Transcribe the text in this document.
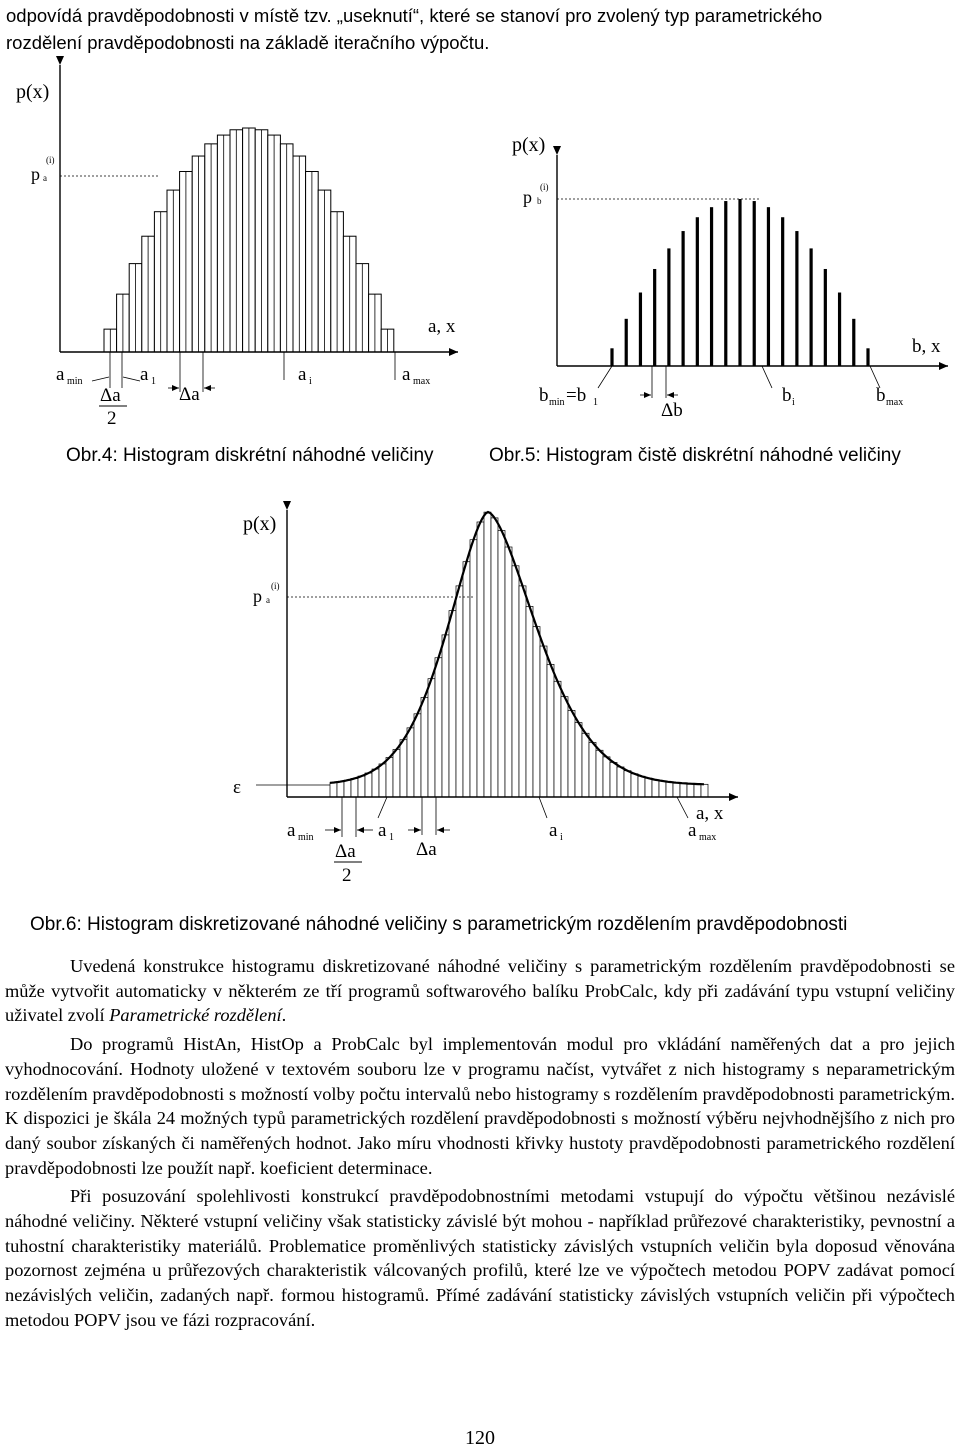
odpovídá pravděpodobnosti v místě tzv. „useknutí“, které se stanoví pro zvolený typ parametrického

rozdělení pravděpodobnosti na základě iteračního výpočtu.

p(x)
p
(i)
a
a, x
a min
Δa
2
a 1
Δa
a i	a max
p(x)
p (i)
b
b, x
b min =b 1	Δb
b i	b max
p(x)
p (i)
a
ε
a, x
a min
Δa
2
a 1
Δa
a i	a max
Obr.4: Histogram diskrétní náhodné veličiny	Obr.5: Histogram čistě diskrétní náhodné veličiny
Obr.6: Histogram diskretizované náhodné veličiny s parametrickým rozdělením pravděpodobnosti

Uvedená konstrukce histogramu diskretizované náhodné veličiny s parametrickým rozdělením pravděpodobnosti se může vytvořit automaticky v některém ze tří programů softwarového balíku ProbCalc, kdy při zadávání typu vstupní veličiny uživatel zvolí Parametrické rozdělení.

Do programů HistAn, HistOp a ProbCalc byl implementován modul pro vkládání naměřených dat a pro jejich vyhodnocování. Hodnoty uložené v textovém souboru lze v programu načíst, vytvářet z nich histogramy s neparametrickým rozdělením pravděpodobnosti s možností volby počtu intervalů nebo histogramy s rozdělením pravděpodobnosti parametrickým. K dispozici je škála 24 možných typů parametrických rozdělení pravděpodobnosti s možností výběru nejvhodnějšího z nich pro daný soubor získaných či naměřených hodnot. Jako míru vhodnosti křivky hustoty pravděpodobnosti parametrického rozdělení pravděpodobnosti lze použít např. koeficient determinace.

Při posuzování spolehlivosti konstrukcí pravděpodobnostními metodami vstupují do výpočtu většinou nezávislé náhodné veličiny. Některé vstupní veličiny však statisticky závislé být mohou - například průřezové charakteristiky, pevnostní a tuhostní charakteristiky materiálů. Problematice proměnlivých statisticky závislých vstupních veličin byla doposud věnována pozornost zejména u průřezových charakteristik válcovaných profilů, které lze ve výpočtech metodou POPV zadávat pomocí nezávislých veličin, zadaných např. formou histogramů. Přímé zadávání statisticky závislých vstupních veličin při výpočtech metodou POPV jsou ve fázi rozpracování.

120
